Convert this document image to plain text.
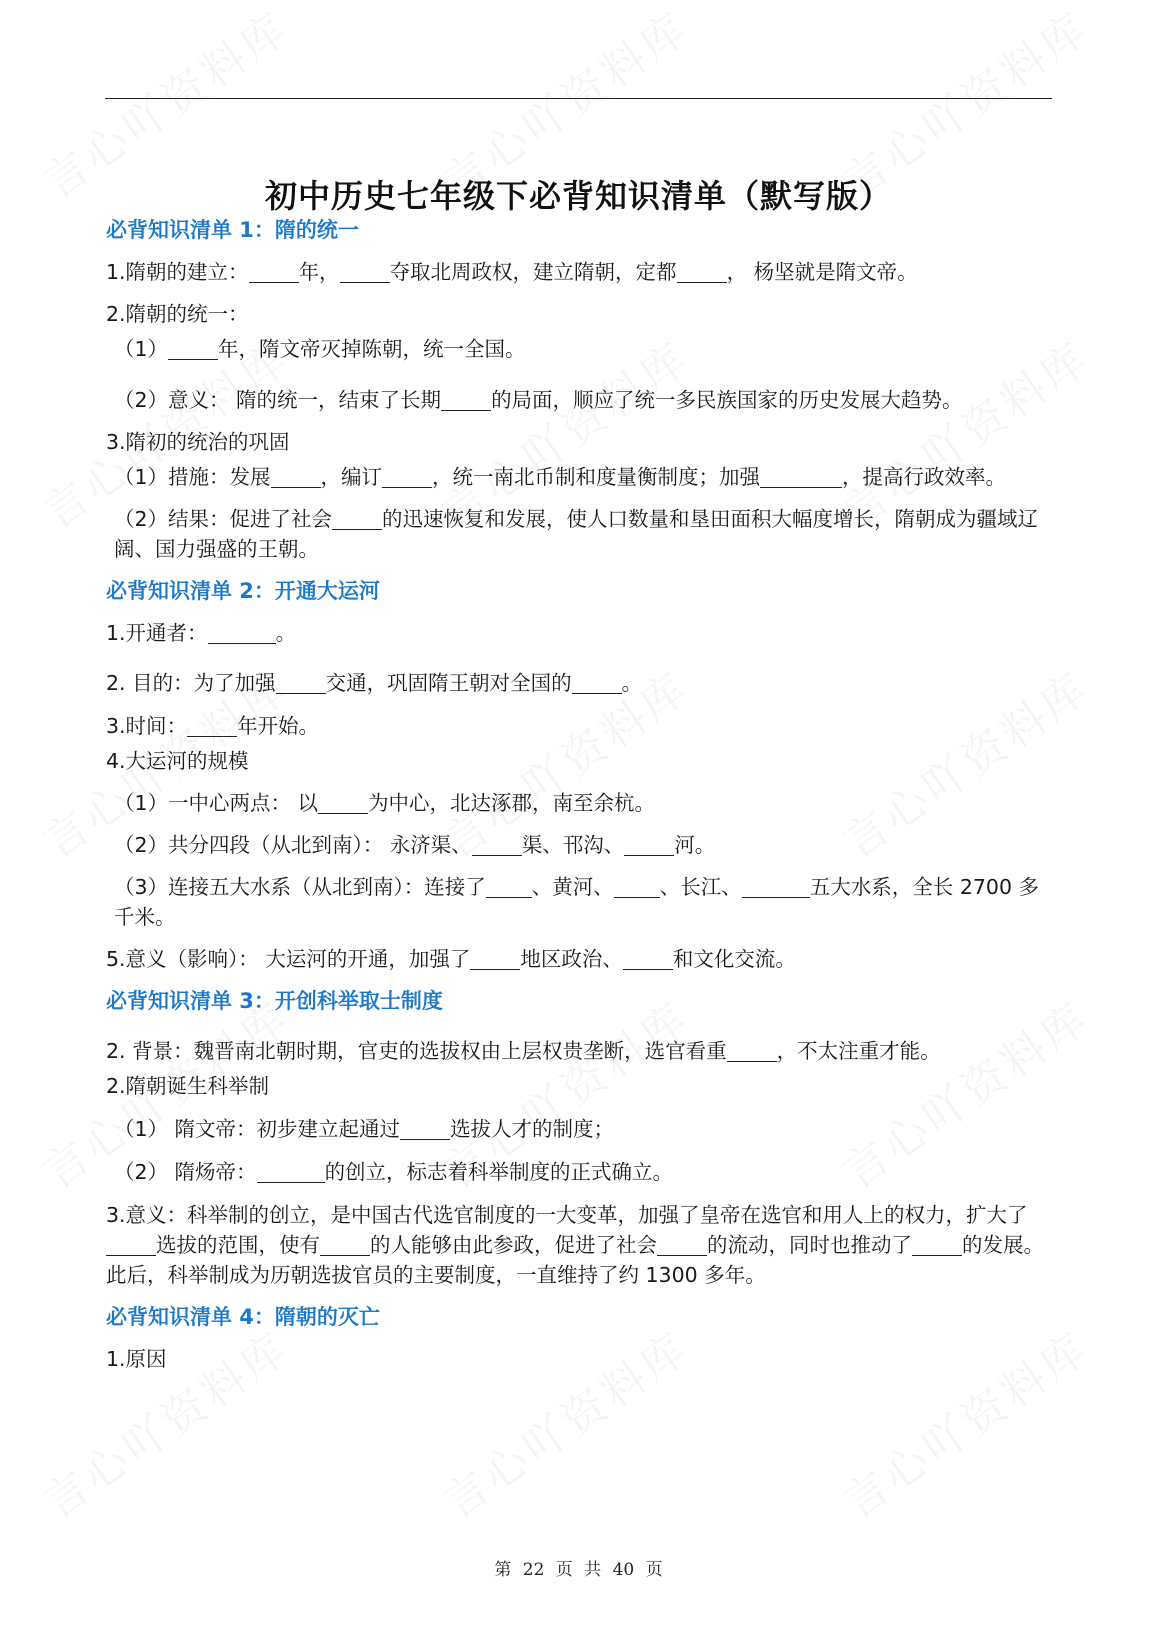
初中历史七年级下必背知识清单（默写版）
必背知识清单 1：隋的统一

1.隋朝的建立： 年， 夺取北周政权，建立隋朝，定都 ， 杨坚就是隋文帝。

2.隋朝的统一：

（1） 年，隋文帝灭掉陈朝，统一全国。

（2）意义： 隋的统一，结束了长期 的局面，顺应了统一多民族国家的历史发展大趋势。

3.隋初的统治的巩固

（1）措施：发展 ，编订 ，统一南北币制和度量衡制度；加强	，提高行政效率。

（2）结果：促进了社会 的迅速恢复和发展，使人口数量和垦田面积大幅度增长，隋朝成为疆域辽阔、国力强盛的王朝。

必背知识清单 2：开通大运河

1.开通者：	。

2. 目的：为了加强 交通，巩固隋王朝对全国的 。

3.时间： 年开始。

4.大运河的规模

（1）一中心两点： 以 为中心，北达涿郡，南至余杭。

（2）共分四段（从北到南）： 永济渠、 渠、邗沟、 河。

（3）连接五大水系（从北到南）：连接了 、黄河、 、长江、	五大水系，全长 2700 多千米。

5.意义（影响）： 大运河的开通，加强了 地区政治、 和文化交流。

必背知识清单 3：开创科举取士制度

2. 背景：魏晋南北朝时期，官吏的选拔权由上层权贵垄断，选官看重 ，不太注重才能。

2.隋朝诞生科举制

（1） 隋文帝：初步建立起通过 选拔人才的制度；

（2） 隋炀帝：	的创立，标志着科举制度的正式确立。

3.意义：科举制的创立，是中国古代选官制度的一大变革，加强了皇帝在选官和用人上的权力，扩大了选拔的范围，使有 的人能够由此参政，促进了社会 的流动，同时也推动了 的发展。此后，科举制成为历朝选拔官员的主要制度，一直维持了约 1300 多年。

必背知识清单 4：隋朝的灭亡

1.原因

第 22 页 共 40 页
